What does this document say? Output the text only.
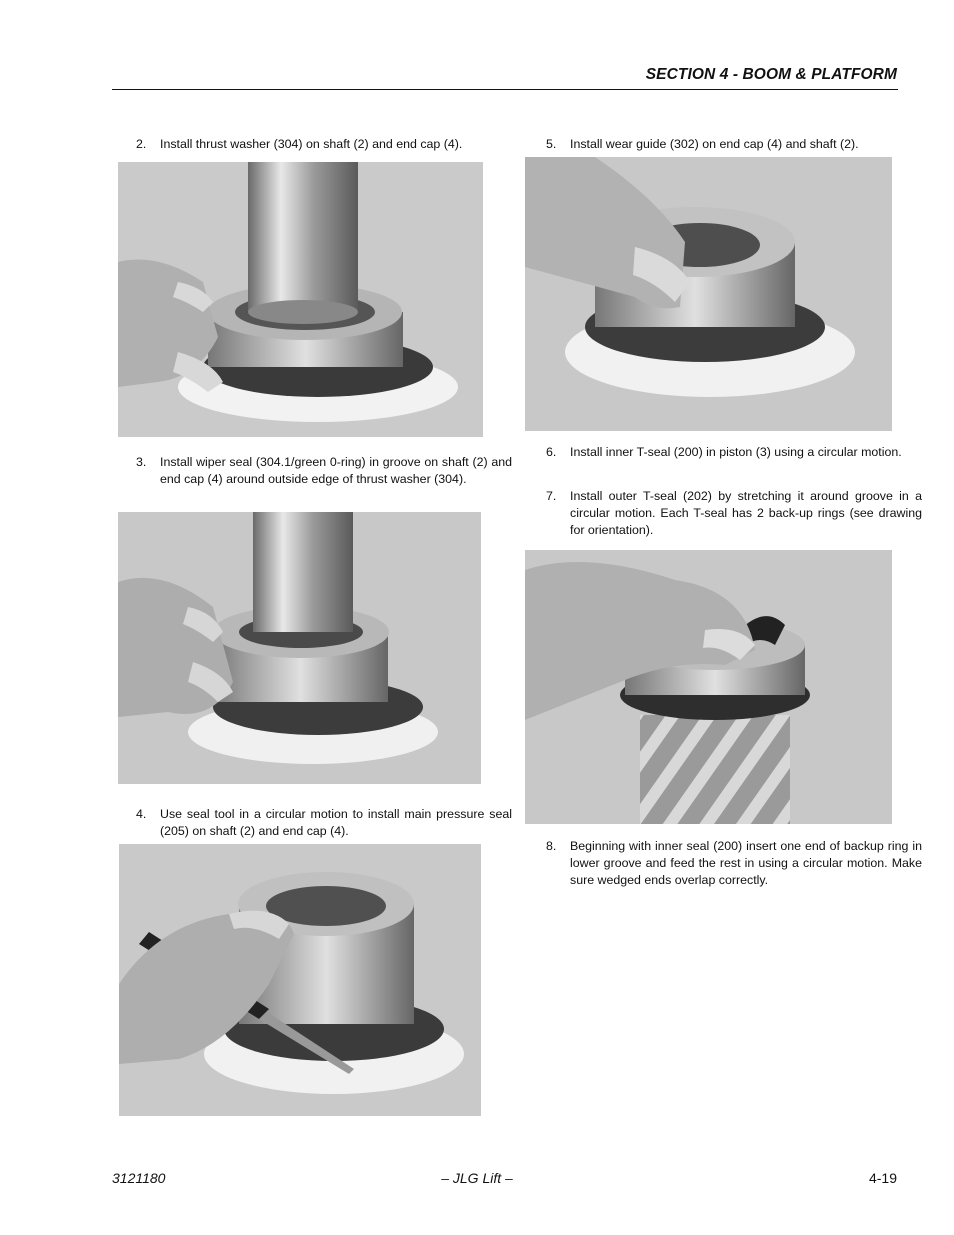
SECTION 4 - BOOM & PLATFORM
2. Install thrust washer (304) on shaft (2) and end cap (4).
3. Install wiper seal (304.1/green 0-ring) in groove on shaft (2) and end cap (4) around outside edge of thrust washer (304).
4. Use seal tool in a circular motion to install main pressure seal (205) on shaft (2) and end cap (4).
5. Install wear guide (302) on end cap (4) and shaft (2).
6. Install inner T-seal (200) in piston (3) using a circular motion.
7. Install outer T-seal (202) by stretching it around groove in a circular motion. Each T-seal has 2 back-up rings (see drawing for orientation).
8. Beginning with inner seal (200) insert one end of backup ring in lower groove and feed the rest in using a circular motion. Make sure wedged ends overlap correctly.
3121180	– JLG Lift –	4-19
